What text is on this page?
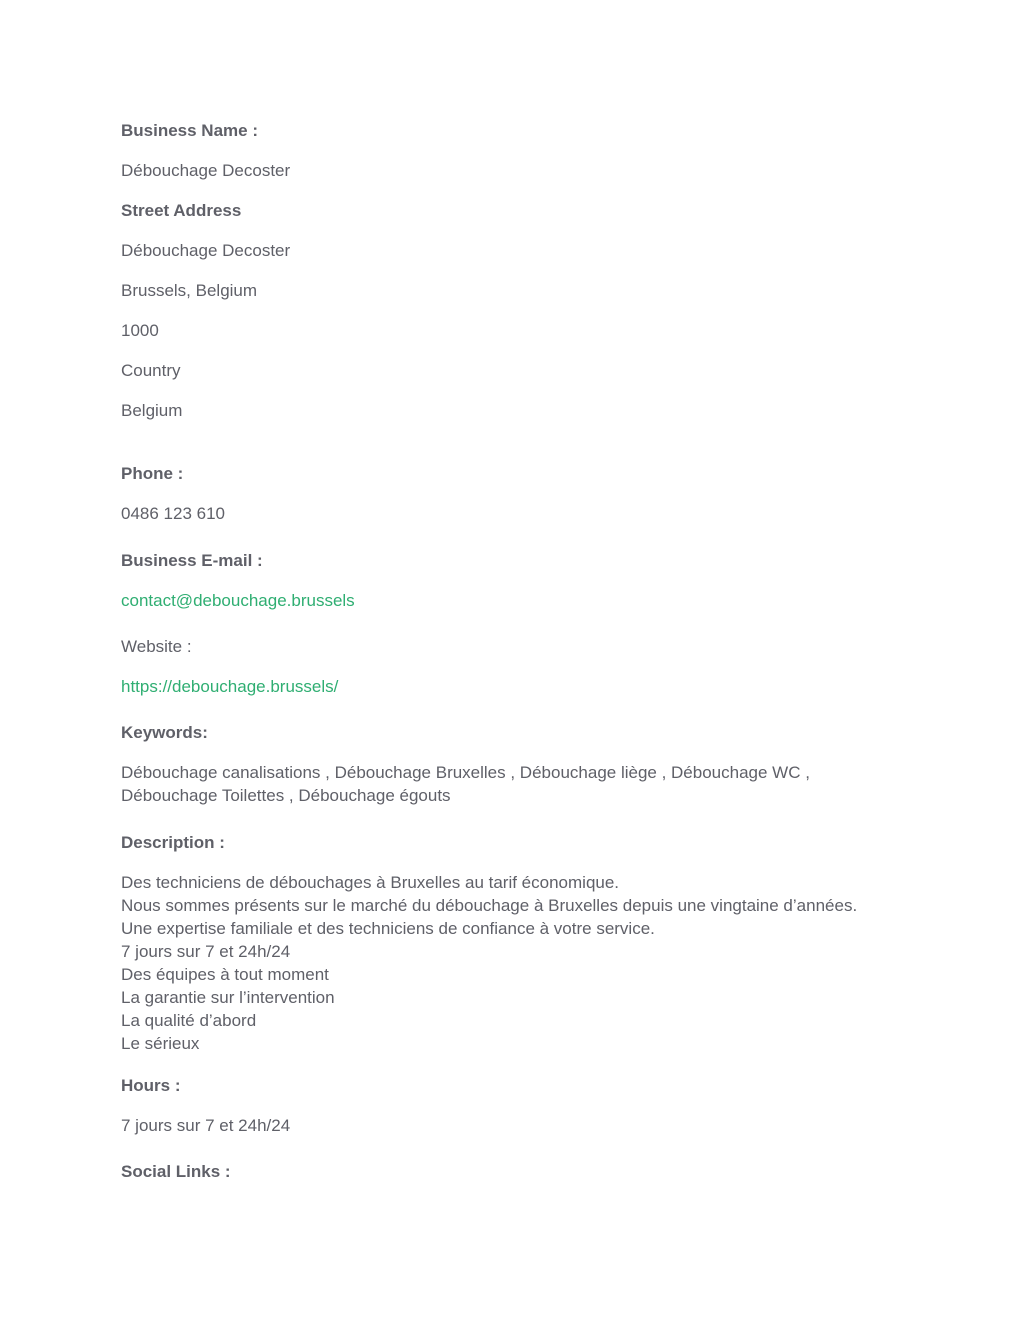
Business Name :
Débouchage Decoster
Street Address
Débouchage Decoster
Brussels, Belgium
1000
Country
Belgium
Phone :
0486 123 610
Business E-mail :
contact@debouchage.brussels
Website :
https://debouchage.brussels/
Keywords:
Débouchage canalisations , Débouchage Bruxelles , Débouchage liège , Débouchage WC ,
Débouchage Toilettes , Débouchage égouts
Description :
Des techniciens de débouchages à Bruxelles au tarif économique.
Nous sommes présents sur le marché du débouchage à Bruxelles depuis une vingtaine d’années.
Une expertise familiale et des techniciens de confiance à votre service.
7 jours sur 7 et 24h/24
Des équipes à tout moment
La garantie sur l’intervention
La qualité d’abord
Le sérieux
Hours :
7 jours sur 7 et 24h/24
Social Links :
